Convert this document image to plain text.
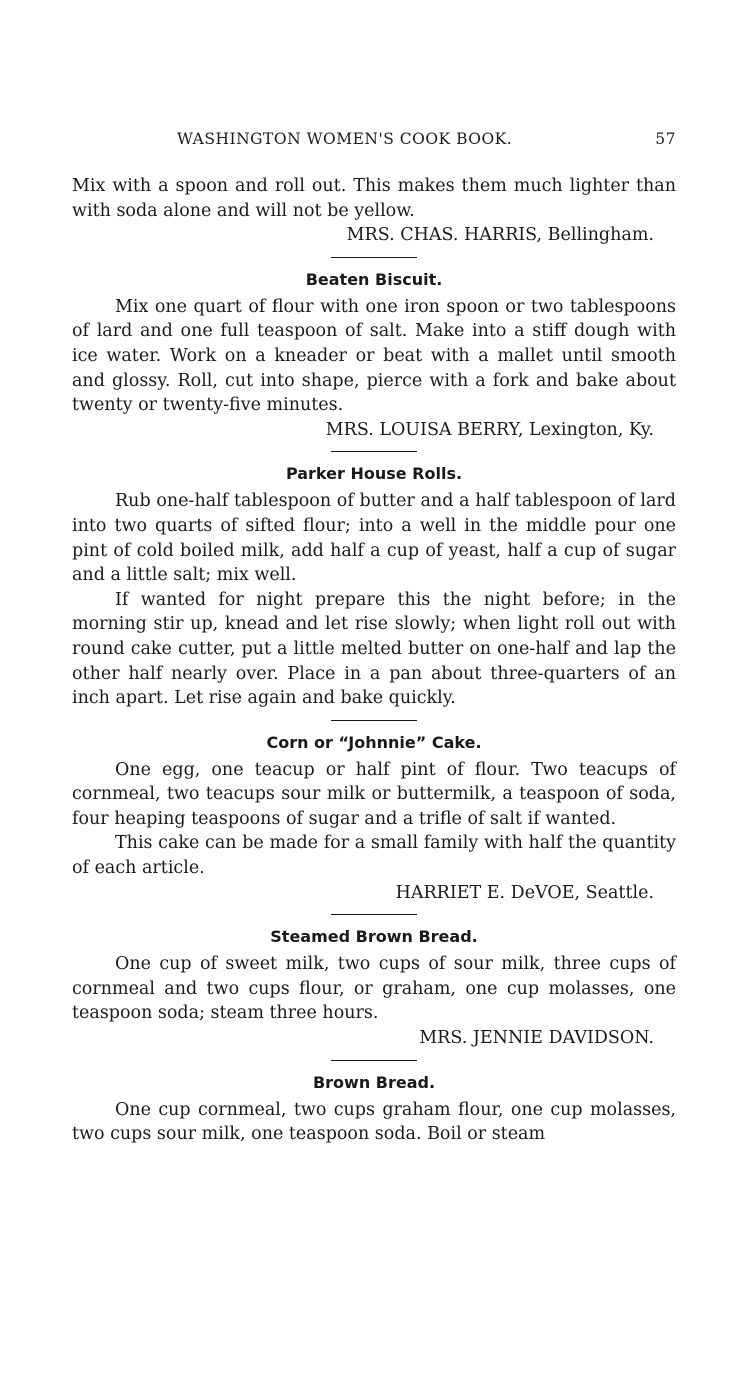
WASHINGTON WOMEN'S COOK BOOK.	57

Mix with a spoon and roll out. This makes them much lighter than with soda alone and will not be yellow.

MRS. CHAS. HARRIS, Bellingham.
Beaten Biscuit.

Mix one quart of flour with one iron spoon or two tablespoons of lard and one full teaspoon of salt. Make into a stiff dough with ice water. Work on a kneader or beat with a mallet until smooth and glossy. Roll, cut into shape, pierce with a fork and bake about twenty or twenty-five minutes.

MRS. LOUISA BERRY, Lexington, Ky.
Parker House Rolls.

Rub one-half tablespoon of butter and a half tablespoon of lard into two quarts of sifted flour; into a well in the middle pour one pint of cold boiled milk, add half a cup of yeast, half a cup of sugar and a little salt; mix well.

If wanted for night prepare this the night before; in the morning stir up, knead and let rise slowly; when light roll out with round cake cutter, put a little melted butter on one-half and lap the other half nearly over. Place in a pan about three-quarters of an inch apart. Let rise again and bake quickly.

Corn or “Johnnie” Cake.

One egg, one teacup or half pint of flour. Two teacups of cornmeal, two teacups sour milk or buttermilk, a teaspoon of soda, four heaping teaspoons of sugar and a trifle of salt if wanted.

This cake can be made for a small family with half the quantity of each article.

HARRIET E. DeVOE, Seattle.
Steamed Brown Bread.

One cup of sweet milk, two cups of sour milk, three cups of cornmeal and two cups flour, or graham, one cup molasses, one teaspoon soda; steam three hours.

MRS. JENNIE DAVIDSON.
Brown Bread.

One cup cornmeal, two cups graham flour, one cup molasses, two cups sour milk, one teaspoon soda. Boil or steam
